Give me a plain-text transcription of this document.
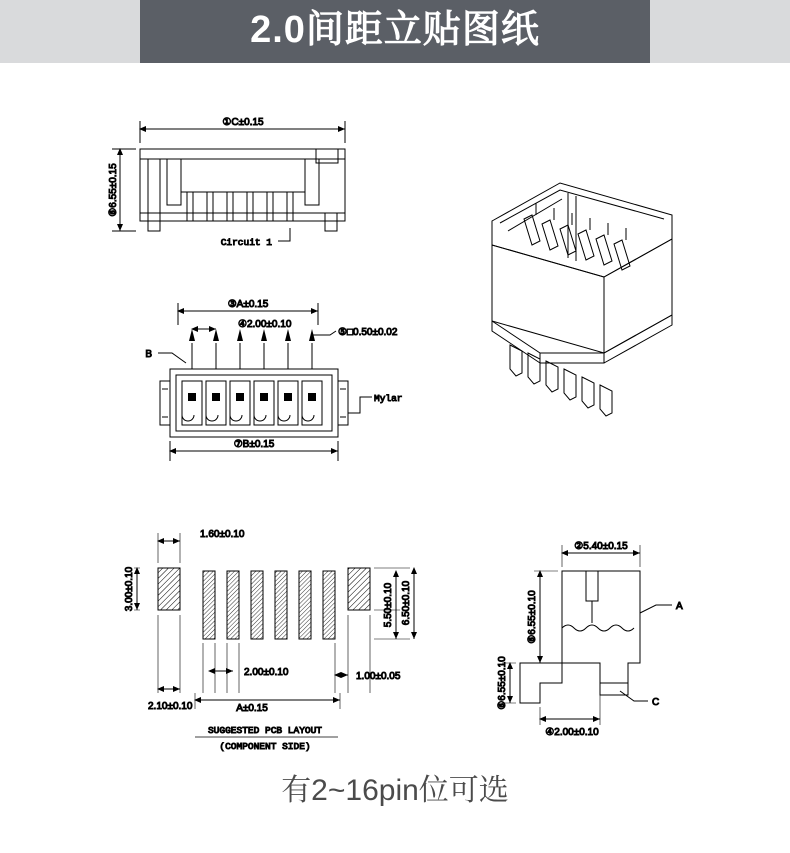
2.0间距立贴图纸
①C±0.15
⑥6.55±0.15
Circuit 1
③A±0.15
④2.00±0.10
⑤□0.50±0.02
B
Mylar
⑦B±0.15
1.60±0.10
3.00±0.10
2.10±0.10
2.00±0.10
A±0.15
1.00±0.05
5.50±0.10 6.50±0.10
SUGGESTED PCB LAYOUT
(COMPONENT SIDE)
②5.40±0.15
⑥6.55±0.10
⑥6.55±0.10
A
C
④2.00±0.10
有2~16pin位可选
